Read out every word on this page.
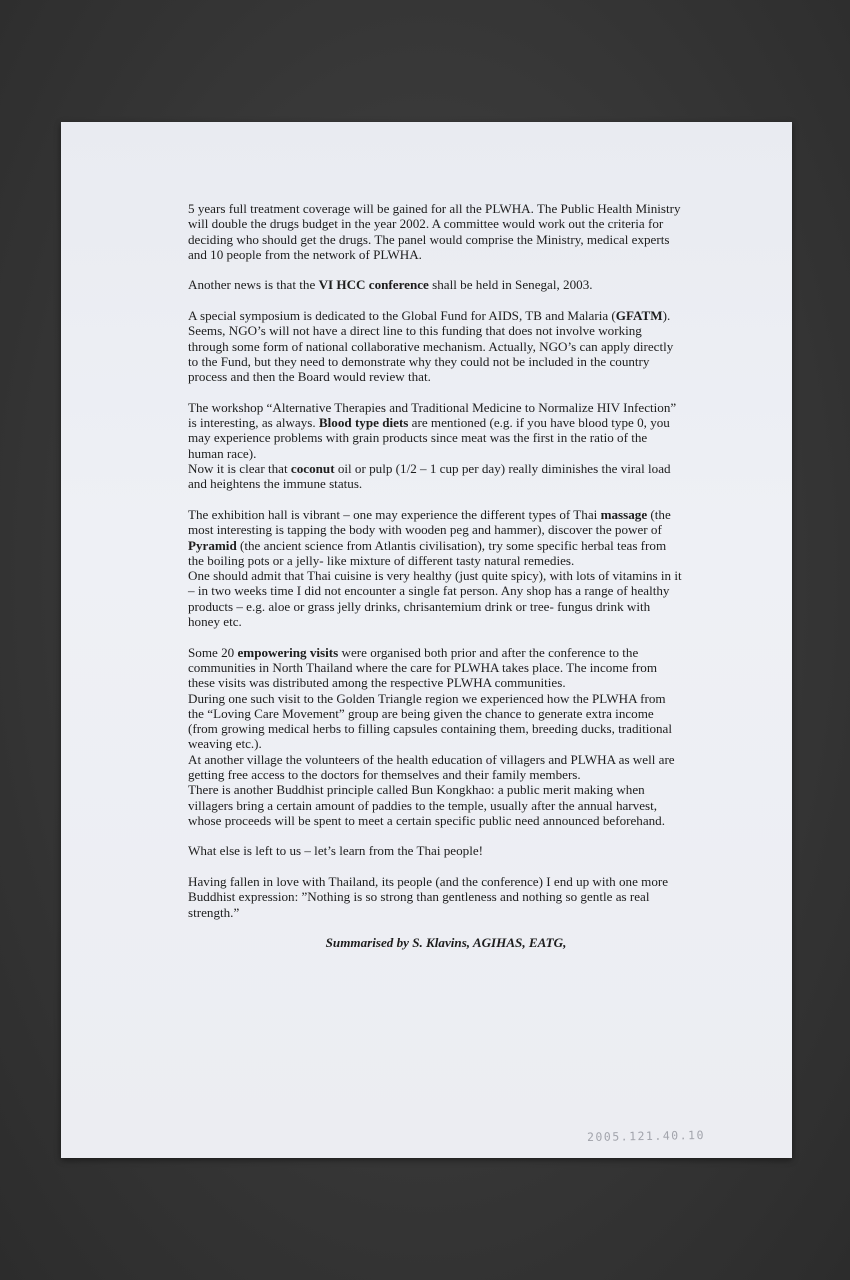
5 years full treatment coverage will be gained for all the PLWHA. The Public Health Ministry
will double the drugs budget in the year 2002. A committee would work out the criteria for
deciding who should get the drugs. The panel would comprise the Ministry, medical experts
and 10 people from the network of PLWHA.
Another news is that the VI HCC conference shall be held in Senegal, 2003.
A special symposium is dedicated to the Global Fund for AIDS, TB and Malaria (GFATM).
Seems, NGO’s will not have a direct line to this funding that does not involve working
through some form of national collaborative mechanism. Actually, NGO’s can apply directly
to the Fund, but they need to demonstrate why they could not be included in the country
process and then the Board would review that.
The workshop “Alternative Therapies and Traditional Medicine to Normalize HIV Infection”
is interesting, as always. Blood type diets are mentioned (e.g. if you have blood type 0, you
may experience problems with grain products since meat was the first in the ratio of the
human race).
Now it is clear that coconut oil or pulp (1/2 – 1 cup per day) really diminishes the viral load
and heightens the immune status.
The exhibition hall is vibrant – one may experience the different types of Thai massage (the
most interesting is tapping the body with wooden peg and hammer), discover the power of
Pyramid (the ancient science from Atlantis civilisation), try some specific herbal teas from
the boiling pots or a jelly- like mixture of different tasty natural remedies.
One should admit that Thai cuisine is very healthy (just quite spicy), with lots of vitamins in it
– in two weeks time I did not encounter a single fat person. Any shop has a range of healthy
products – e.g. aloe or grass jelly drinks, chrisantemium drink or tree- fungus drink with
honey etc.
Some 20 empowering visits were organised both prior and after the conference to the
communities in North Thailand where the care for PLWHA takes place. The income from
these visits was distributed among the respective PLWHA communities.
During one such visit to the Golden Triangle region we experienced how the PLWHA from
the “Loving Care Movement” group are being given the chance to generate extra income
(from growing medical herbs to filling capsules containing them, breeding ducks, traditional
weaving etc.).
At another village the volunteers of the health education of villagers and PLWHA as well are
getting free access to the doctors for themselves and their family members.
There is another Buddhist principle called Bun Kongkhao: a public merit making when
villagers bring a certain amount of paddies to the temple, usually after the annual harvest,
whose proceeds will be spent to meet a certain specific public need announced beforehand.
What else is left to us – let’s learn from the Thai people!
Having fallen in love with Thailand, its people (and the conference) I end up with one more
Buddhist expression: ”Nothing is so strong than gentleness and nothing so gentle as real
strength.”
Summarised by S. Klavins, AGIHAS, EATG,
2005.121.40.10
